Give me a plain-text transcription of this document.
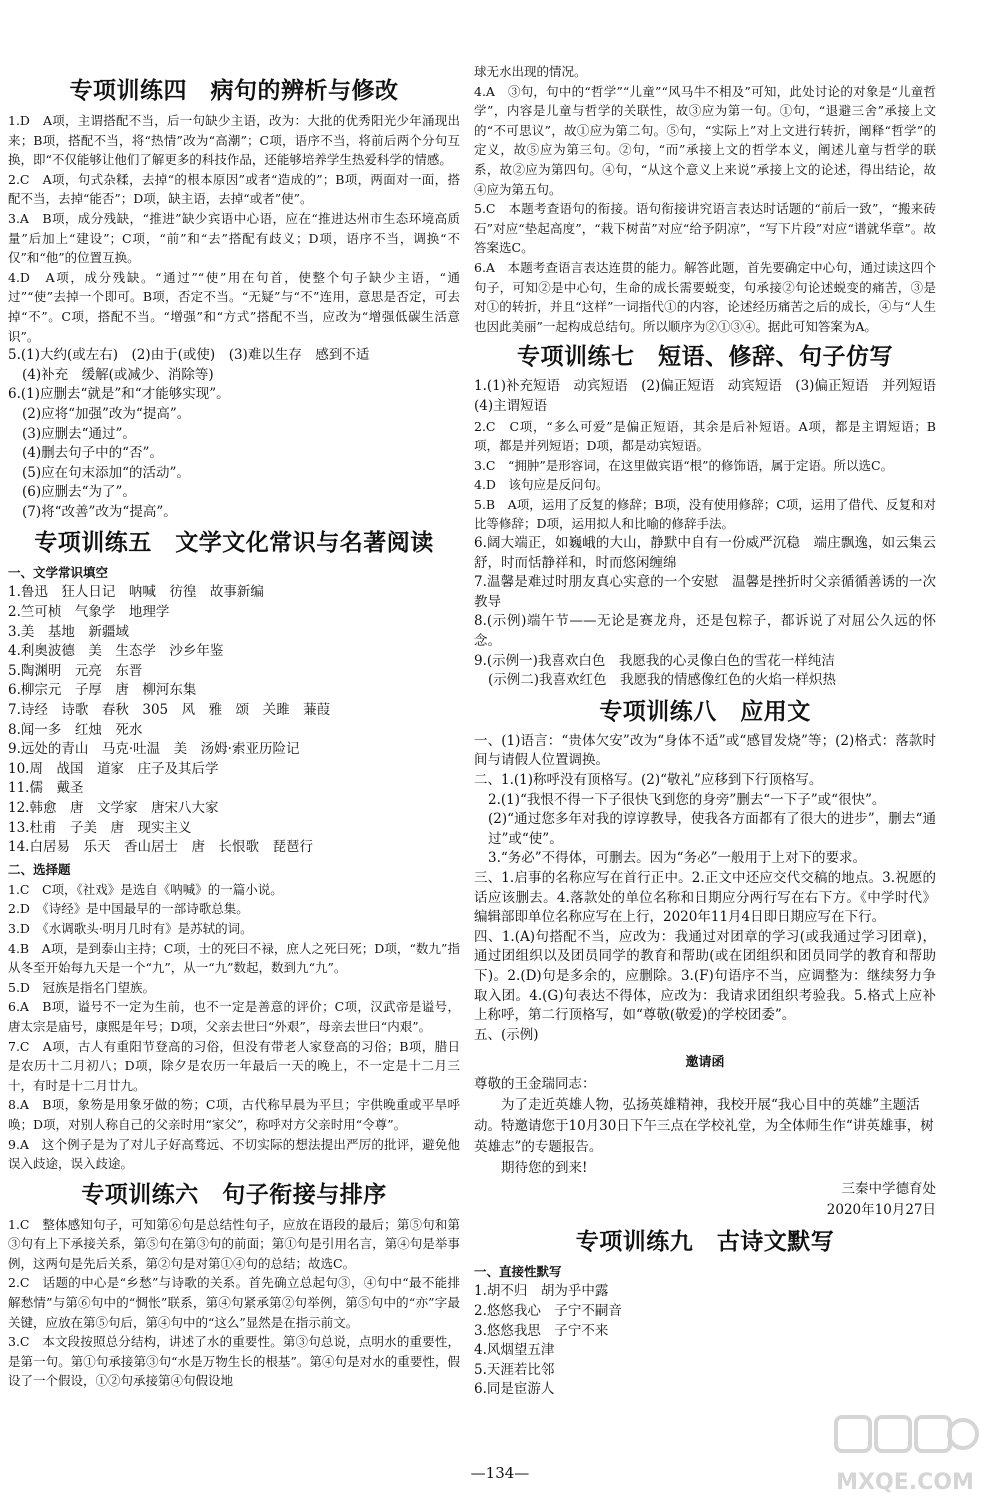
专项训练四　病句的辨析与修改

1.D　A项，主谓搭配不当，后一句缺少主语，改为：大批的优秀阳光少年涌现出来；B项，搭配不当，将“热情”改为“高潮”；C项，语序不当，将前后两个分句互换，即“不仅能够让他们了解更多的科技作品，还能够培养学生热爱科学的情感。

2.C　A项，句式杂糅，去掉“的根本原因”或者“造成的”；B项，两面对一面，搭配不当，去掉“能否”；D项，缺主语，去掉“或者”使”。

3.A　B项，成分残缺，“推进”缺少宾语中心语，应在“推进达州市生态环境高质量”后加上“建设”；C项，“前”和“去”搭配有歧义；D项，语序不当，调换“不仅”和“他”的位置互换。

4.D　A项，成分残缺。“通过”“使”用在句首，使整个句子缺少主语，“通过”“使”去掉一个即可。B项，否定不当。“无疑”与“不”连用，意思是否定，可去掉“不”。C项，搭配不当。“增强”和“方式”搭配不当，应改为“增强低碳生活意识”。

5.(1)大约(或左右)　(2)由于(或使)　(3)难以生存　感到不适

(4)补充　缓解(或减少、消除等)

6.(1)应删去“就是”和“才能够实现”。

(2)应将“加强”改为“提高”。

(3)应删去“通过”。

(4)删去句子中的“否”。

(5)应在句末添加“的活动”。

(6)应删去“为了”。

(7)将“改善”改为“提高”。

专项训练五　文学文化常识与名著阅读
一、文学常识填空

1.鲁迅　狂人日记　呐喊　彷徨　故事新编

2.竺可桢　气象学　地理学

3.美　基地　新疆域

4.利奥波德　美　生态学　沙乡年鉴

5.陶渊明　元亮　东晋

6.柳宗元　子厚　唐　柳河东集

7.诗经　诗歌　春秋　305　风　雅　颂　关雎　蒹葭

8.闻一多　红烛　死水

9.远处的青山　马克·吐温　美　汤姆·索亚历险记

10.周　战国　道家　庄子及其后学

11.儒　戴圣

12.韩愈　唐　文学家　唐宋八大家

13.杜甫　子美　唐　现实主义

14.白居易　乐天　香山居士　唐　长恨歌　琵琶行

二、选择题

1.C　C项，《社戏》是选自《呐喊》的一篇小说。

2.D　《诗经》是中国最早的一部诗歌总集。

3.D　《水调歌头·明月几时有》是苏轼的词。

4.B　A项，是到泰山主持；C项，士的死曰不禄，庶人之死曰死；D项，“数九”指从冬至开始每九天是一个“九”，从一“九”数起，数到九“九”。

5.D　冠族是指名门望族。

6.A　B项，谥号不一定为生前，也不一定是善意的评价；C项，汉武帝是谥号，唐太宗是庙号，康熙是年号；D项，父亲去世曰“外艰”，母亲去世曰“内艰”。

7.C　A项，古人有重阳节登高的习俗，但没有带老人家登高的习俗；B项，腊日是农历十二月初八；D项，除夕是农历一年最后一天的晚上，不一定是十二月三十，有时是十二月廿九。

8.A　B项，象笏是用象牙做的笏；C项，古代称早晨为平旦；宇供晚重或平旱呼唤；D项，对别人称自己的父亲时用“家父”，称呼对方父亲时用“令尊”。

9.A　这个例子是为了对儿子好高骛远、不切实际的想法提出严厉的批评，避免他误入歧途，误入歧途。

专项训练六　句子衔接与排序

1.C　整体感知句子，可知第⑥句是总结性句子，应放在语段的最后；第⑤句和第③句有上下承接关系，第⑤句在第③句的前面；第①句是引用名言，第④句是举事例，这两句是先后关系，第②句是对第①④句的总结；故选C。

2.C　话题的中心是“乡愁”与诗歌的关系。首先确立总起句③，④句中“最不能排解愁情”与第⑥句中的“惆怅”联系，第④句紧承第②句举例，第⑤句中的“亦”字最关键，应放在第⑤句后，第④句中的“这么”显然是在指示前文。

3.C　本文段按照总分结构，讲述了水的重要性。第③句总说，点明水的重要性，是第一句。第①句承接第③句“水是万物生长的根基”。第④句是对水的重要性，假设了一个假设，①②句承接第④句假设地

球无水出现的情况。

4.A　③句，句中的“哲学”“儿童”“风马牛不相及”可知，此处讨论的对象是“儿童哲学”，内容是儿童与哲学的关联性，故③应为第一句。①句，“退避三舍”承接上文的“不可思议”，故①应为第二句。⑤句，“实际上”对上文进行转折，阐释“哲学”的定义，故⑤应为第三句。②句，“而”承接上文的哲学本义，阐述儿童与哲学的联系，故②应为第四句。④句，“从这个意义上来说”承接上文的论述，得出结论，故④应为第五句。

5.C　本题考查语句的衔接。语句衔接讲究语言表达时话题的“前后一致”，“搬来砖石”对应“垫起高度”，“栽下树苗”对应“给予阴凉”，“写下片段”对应“谱就华章”。故答案选C。

6.A　本题考查语言表达连贯的能力。解答此题，首先要确定中心句，通过读这四个句子，可知②是中心句，生命的成长需要蜕变，句承接②句论述蜕变的痛苦，③是对①的转折，并且“这样”一词指代①的内容，论述经历痛苦之后的成长，④与“人生也因此美丽”一起构成总结句。所以顺序为②①③④。据此可知答案为A。

专项训练七　短语、修辞、句子仿写

1.(1)补充短语　动宾短语　(2)偏正短语　动宾短语　(3)偏正短语　并列短语　(4)主谓短语

2.C　C项，“多么可爱”是偏正短语，其余是后补短语。A项，都是主谓短语；B项，都是并列短语；D项，都是动宾短语。

3.C　“拥肿”是形容词，在这里做宾语“根”的修饰语，属于定语。所以选C。

4.D　该句应是反问句。

5.B　A项，运用了反复的修辞；B项，没有使用修辞；C项，运用了借代、反复和对比等修辞；D项，运用拟人和比喻的修辞手法。

6.阔大端正，如巍峨的大山，静默中自有一份威严沉稳　端庄飘逸，如云集云舒，时而恬静祥和，时而悠闲缠绵

7.温馨是难过时朋友真心实意的一个安慰　温馨是挫折时父亲循循善诱的一次教导

8.(示例)端午节——无论是赛龙舟，还是包粽子，都诉说了对屈公久远的怀念。

9.(示例一)我喜欢白色　我愿我的心灵像白色的雪花一样纯洁

(示例二)我喜欢红色　我愿我的情感像红色的火焰一样炽热

专项训练八　应用文

一、(1)语言：“贵体欠安”改为“身体不适”或“感冒发烧”等；(2)格式：落款时间与请假人位置调换。

二、1.(1)称呼没有顶格写。(2)“敬礼”应移到下行顶格写。

2.(1)“我恨不得一下子很快飞到您的身旁”删去“一下子”或“很快”。

(2)“通过您多年对我的谆谆教导，使我各方面都有了很大的进步”，删去“通过”或“使”。

3.“务必”不得体，可删去。因为“务必”一般用于上对下的要求。

三、1.启事的名称应写在首行正中。2.正文中还应交代交稿的地点。3.祝愿的话应该删去。4.落款处的单位名称和日期应分两行写在右下方。《中学时代》编辑部即单位名称应写在上行，2020年11月4日即日期应写在下行。

四、1.(A)句搭配不当，应改为：我通过对团章的学习(或我通过学习团章)，通过团组织以及团员同学的教育和帮助(或在团组织和团员同学的教育和帮助下)。2.(D)句是多余的，应删除。3.(F)句语序不当，应调整为：继续努力争取入团。4.(G)句表达不得体，应改为：我请求团组织考验我。5.格式上应补上称呼，第二行顶格写，如“尊敬(敬爱)的学校团委”。

五、(示例)

邀请函

尊敬的王金瑞同志：

为了走近英雄人物，弘扬英雄精神，我校开展“我心目中的英雄”主题活动。特邀请您于10月30日下午三点在学校礼堂，为全体师生作“讲英雄事，树英雄志”的专题报告。

期待您的到来!

三秦中学德育处

2020年10月27日

专项训练九　古诗文默写
一、直接性默写

1.胡不归　胡为乎中露

2.悠悠我心　子宁不嗣音

3.悠悠我思　子宁不来

4.风烟望五津

5.天涯若比邻

6.同是宦游人

—134—	MXQE.COM
